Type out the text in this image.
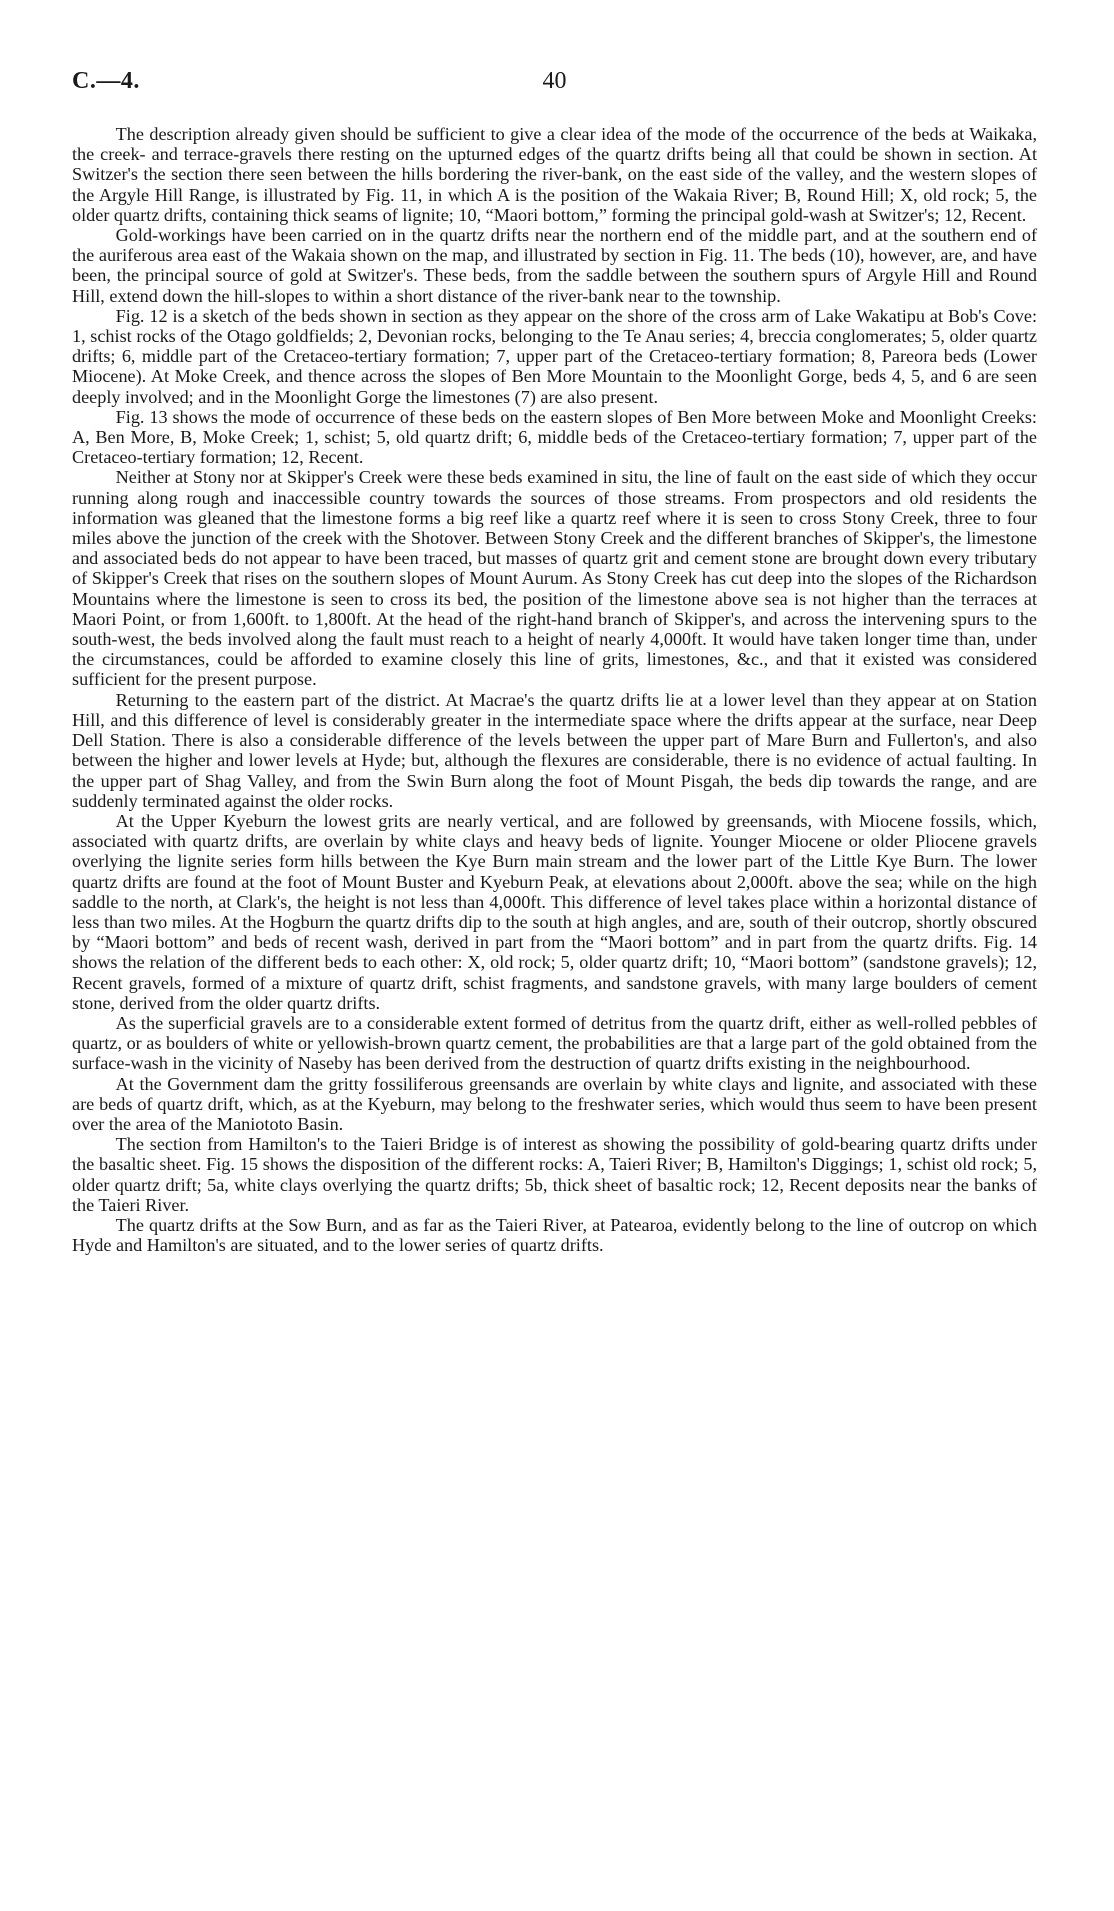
C.—4.	40

The description already given should be sufficient to give a clear idea of the mode of the occurrence of the beds at Waikaka, the creek- and terrace-gravels there resting on the upturned edges of the quartz drifts being all that could be shown in section. At Switzer's the section there seen between the hills bordering the river-bank, on the east side of the valley, and the western slopes of the Argyle Hill Range, is illustrated by Fig. 11, in which A is the position of the Wakaia River; B, Round Hill; X, old rock; 5, the older quartz drifts, containing thick seams of lignite; 10, “Maori bottom,” forming the principal gold-wash at Switzer's; 12, Recent.

Gold-workings have been carried on in the quartz drifts near the northern end of the middle part, and at the southern end of the auriferous area east of the Wakaia shown on the map, and illustrated by section in Fig. 11. The beds (10), however, are, and have been, the principal source of gold at Switzer's. These beds, from the saddle between the southern spurs of Argyle Hill and Round Hill, extend down the hill-slopes to within a short distance of the river-bank near to the township.

Fig. 12 is a sketch of the beds shown in section as they appear on the shore of the cross arm of Lake Wakatipu at Bob's Cove: 1, schist rocks of the Otago goldfields; 2, Devonian rocks, belonging to the Te Anau series; 4, breccia conglomerates; 5, older quartz drifts; 6, middle part of the Cretaceo-tertiary formation; 7, upper part of the Cretaceo-tertiary formation; 8, Pareora beds (Lower Miocene). At Moke Creek, and thence across the slopes of Ben More Mountain to the Moonlight Gorge, beds 4, 5, and 6 are seen deeply involved; and in the Moonlight Gorge the limestones (7) are also present.

Fig. 13 shows the mode of occurrence of these beds on the eastern slopes of Ben More between Moke and Moonlight Creeks: A, Ben More, B, Moke Creek; 1, schist; 5, old quartz drift; 6, middle beds of the Cretaceo-tertiary formation; 7, upper part of the Cretaceo-tertiary formation; 12, Recent.

Neither at Stony nor at Skipper's Creek were these beds examined in situ, the line of fault on the east side of which they occur running along rough and inaccessible country towards the sources of those streams. From prospectors and old residents the information was gleaned that the limestone forms a big reef like a quartz reef where it is seen to cross Stony Creek, three to four miles above the junction of the creek with the Shotover. Between Stony Creek and the different branches of Skipper's, the limestone and associated beds do not appear to have been traced, but masses of quartz grit and cement stone are brought down every tributary of Skipper's Creek that rises on the southern slopes of Mount Aurum. As Stony Creek has cut deep into the slopes of the Richardson Mountains where the limestone is seen to cross its bed, the position of the limestone above sea is not higher than the terraces at Maori Point, or from 1,600ft. to 1,800ft. At the head of the right-hand branch of Skipper's, and across the intervening spurs to the south-west, the beds involved along the fault must reach to a height of nearly 4,000ft. It would have taken longer time than, under the circumstances, could be afforded to examine closely this line of grits, limestones, &c., and that it existed was considered sufficient for the present purpose.

Returning to the eastern part of the district. At Macrae's the quartz drifts lie at a lower level than they appear at on Station Hill, and this difference of level is considerably greater in the intermediate space where the drifts appear at the surface, near Deep Dell Station. There is also a considerable difference of the levels between the upper part of Mare Burn and Fullerton's, and also between the higher and lower levels at Hyde; but, although the flexures are considerable, there is no evidence of actual faulting. In the upper part of Shag Valley, and from the Swin Burn along the foot of Mount Pisgah, the beds dip towards the range, and are suddenly terminated against the older rocks.

At the Upper Kyeburn the lowest grits are nearly vertical, and are followed by greensands, with Miocene fossils, which, associated with quartz drifts, are overlain by white clays and heavy beds of lignite. Younger Miocene or older Pliocene gravels overlying the lignite series form hills between the Kye Burn main stream and the lower part of the Little Kye Burn. The lower quartz drifts are found at the foot of Mount Buster and Kyeburn Peak, at elevations about 2,000ft. above the sea; while on the high saddle to the north, at Clark's, the height is not less than 4,000ft. This difference of level takes place within a horizontal distance of less than two miles. At the Hogburn the quartz drifts dip to the south at high angles, and are, south of their outcrop, shortly obscured by “Maori bottom” and beds of recent wash, derived in part from the “Maori bottom” and in part from the quartz drifts. Fig. 14 shows the relation of the different beds to each other: X, old rock; 5, older quartz drift; 10, “Maori bottom” (sandstone gravels); 12, Recent gravels, formed of a mixture of quartz drift, schist fragments, and sandstone gravels, with many large boulders of cement stone, derived from the older quartz drifts.

As the superficial gravels are to a considerable extent formed of detritus from the quartz drift, either as well-rolled pebbles of quartz, or as boulders of white or yellowish-brown quartz cement, the probabilities are that a large part of the gold obtained from the surface-wash in the vicinity of Naseby has been derived from the destruction of quartz drifts existing in the neighbourhood.

At the Government dam the gritty fossiliferous greensands are overlain by white clays and lignite, and associated with these are beds of quartz drift, which, as at the Kyeburn, may belong to the freshwater series, which would thus seem to have been present over the area of the Maniototo Basin.

The section from Hamilton's to the Taieri Bridge is of interest as showing the possibility of gold-bearing quartz drifts under the basaltic sheet. Fig. 15 shows the disposition of the different rocks: A, Taieri River; B, Hamilton's Diggings; 1, schist old rock; 5, older quartz drift; 5a, white clays overlying the quartz drifts; 5b, thick sheet of basaltic rock; 12, Recent deposits near the banks of the Taieri River.

The quartz drifts at the Sow Burn, and as far as the Taieri River, at Patearoa, evidently belong to the line of outcrop on which Hyde and Hamilton's are situated, and to the lower series of quartz drifts.
